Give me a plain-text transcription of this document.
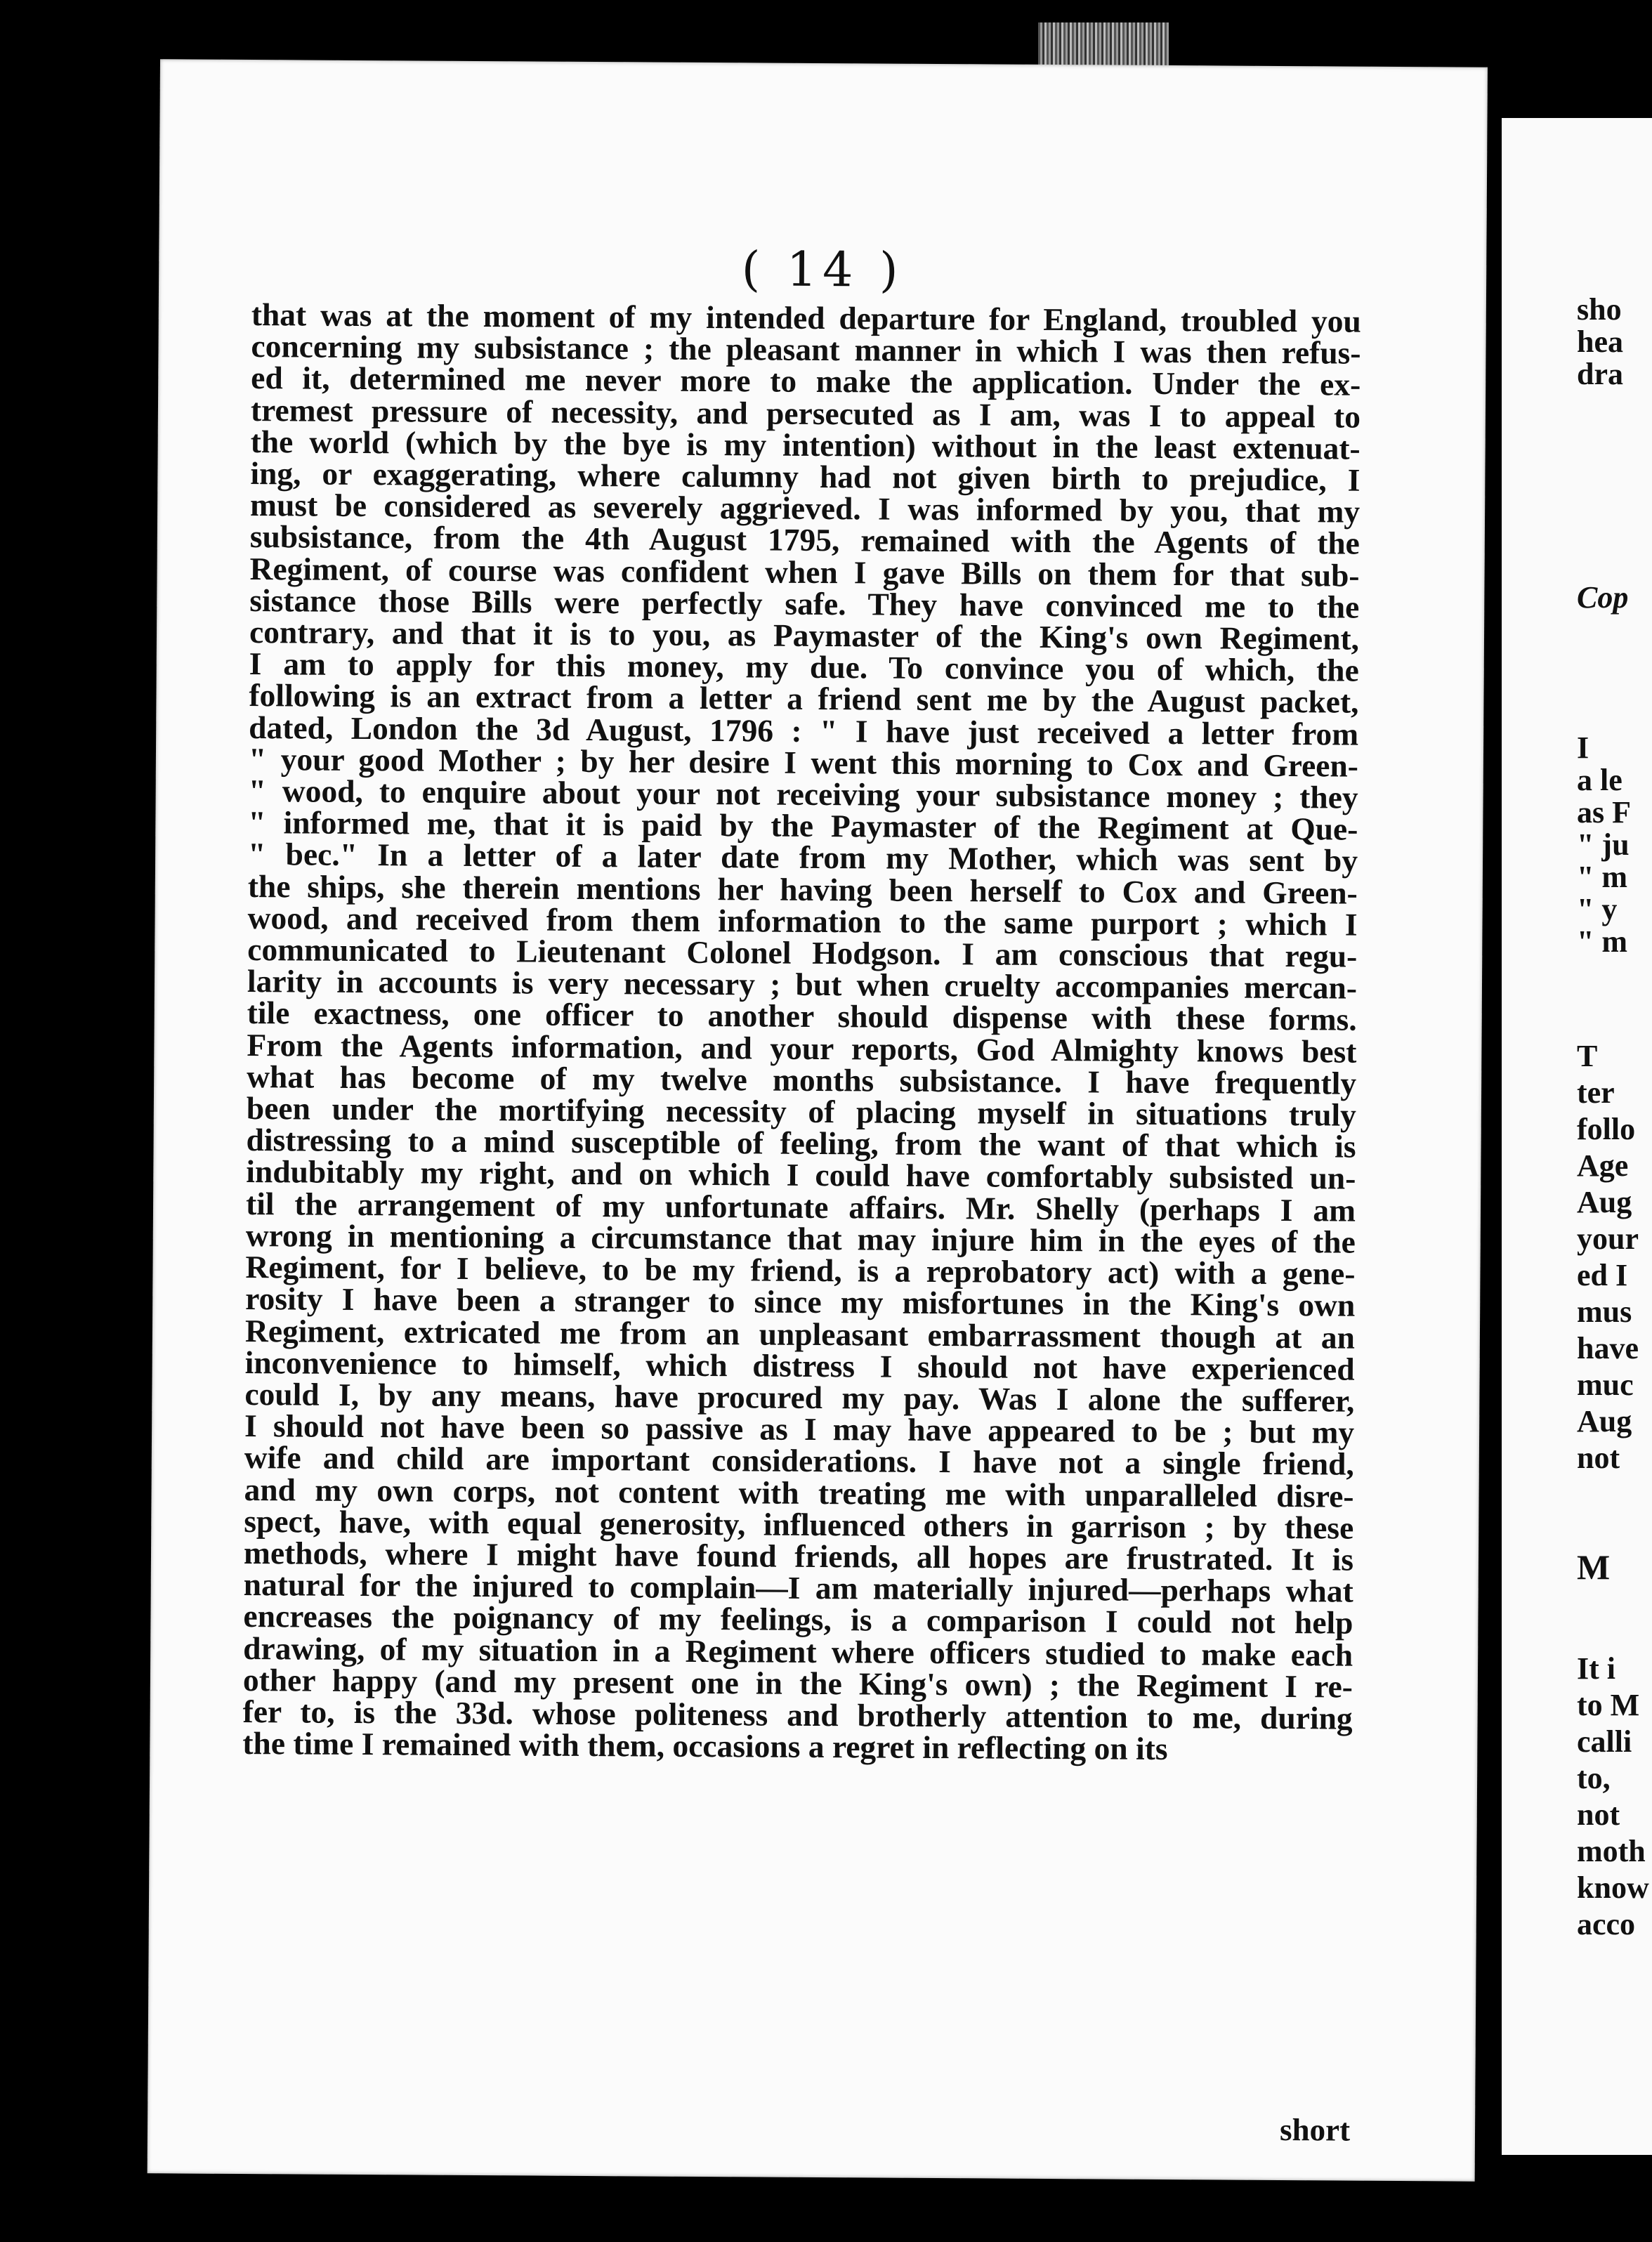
( 14 )
that was at the moment of my intended departure for England, troubled you
concerning my subsistance ; the pleasant manner in which I was then refus-
ed it, determined me never more to make the application. Under the ex-
tremest pressure of necessity, and persecuted as I am, was I to appeal to
the world (which by the bye is my intention) without in the least extenuat-
ing, or exaggerating, where calumny had not given birth to prejudice, I
must be considered as severely aggrieved. I was informed by you, that my
subsistance, from the 4th August 1795, remained with the Agents of the
Regiment, of course was confident when I gave Bills on them for that sub-
sistance those Bills were perfectly safe. They have convinced me to the
contrary, and that it is to you, as Paymaster of the King's own Regiment,
I am to apply for this money, my due. To convince you of which, the
following is an extract from a letter a friend sent me by the August packet,
dated, London the 3d August, 1796 : " I have just received a letter from
" your good Mother ; by her desire I went this morning to Cox and Green-
" wood, to enquire about your not receiving your subsistance money ; they
" informed me, that it is paid by the Paymaster of the Regiment at Que-
" bec." In a letter of a later date from my Mother, which was sent by
the ships, she therein mentions her having been herself to Cox and Green-
wood, and received from them information to the same purport ; which I
communicated to Lieutenant Colonel Hodgson. I am conscious that regu-
larity in accounts is very necessary ; but when cruelty accompanies mercan-
tile exactness, one officer to another should dispense with these forms.
From the Agents information, and your reports, God Almighty knows best
what has become of my twelve months subsistance. I have frequently
been under the mortifying necessity of placing myself in situations truly
distressing to a mind susceptible of feeling, from the want of that which is
indubitably my right, and on which I could have comfortably subsisted un-
til the arrangement of my unfortunate affairs. Mr. Shelly (perhaps I am
wrong in mentioning a circumstance that may injure him in the eyes of the
Regiment, for I believe, to be my friend, is a reprobatory act) with a gene-
rosity I have been a stranger to since my misfortunes in the King's own
Regiment, extricated me from an unpleasant embarrassment though at an
inconvenience to himself, which distress I should not have experienced
could I, by any means, have procured my pay. Was I alone the sufferer,
I should not have been so passive as I may have appeared to be ; but my
wife and child are important considerations. I have not a single friend,
and my own corps, not content with treating me with unparalleled disre-
spect, have, with equal generosity, influenced others in garrison ; by these
methods, where I might have found friends, all hopes are frustrated. It is
natural for the injured to complain—I am materially injured—perhaps what
encreases the poignancy of my feelings, is a comparison I could not help
drawing, of my situation in a Regiment where officers studied to make each
other happy (and my present one in the King's own) ; the Regiment I re-
fer to, is the 33d. whose politeness and brotherly attention to me, during
the time I remained with them, occasions a regret in reflecting on its
short
sho
hea
dra
Cop
I
a le
as F
" ju
" m
" y
" m
T
ter
follo
Age
Aug
your
ed I
mus
have
muc
Aug
not
M
It i
to M
calli
to,
not
moth
know
acco
